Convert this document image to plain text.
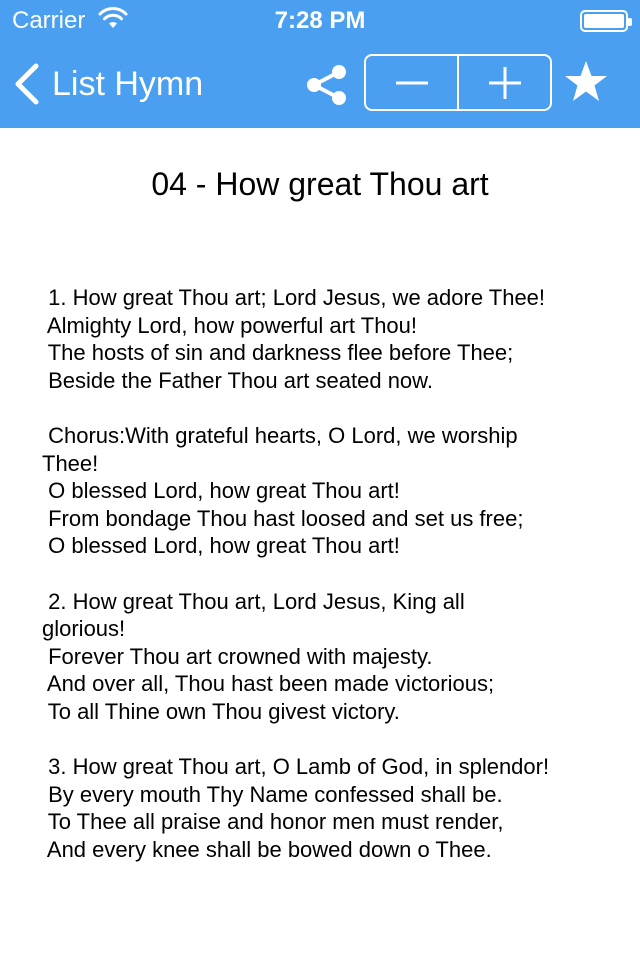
Carrier	7:28 PM
List Hymn
04 - How great Thou art
1. How great Thou art; Lord Jesus, we adore Thee!
Almighty Lord, how powerful art Thou!
The hosts of sin and darkness flee before Thee;
Beside the Father Thou art seated now.
Chorus:With grateful hearts, O Lord, we worship
Thee!
O blessed Lord, how great Thou art!
From bondage Thou hast loosed and set us free;
O blessed Lord, how great Thou art!
2. How great Thou art, Lord Jesus, King all
glorious!
Forever Thou art crowned with majesty.
And over all, Thou hast been made victorious;
To all Thine own Thou givest victory.
3. How great Thou art, O Lamb of God, in splendor!
By every mouth Thy Name confessed shall be.
To Thee all praise and honor men must render,
And every knee shall be bowed down o Thee.
